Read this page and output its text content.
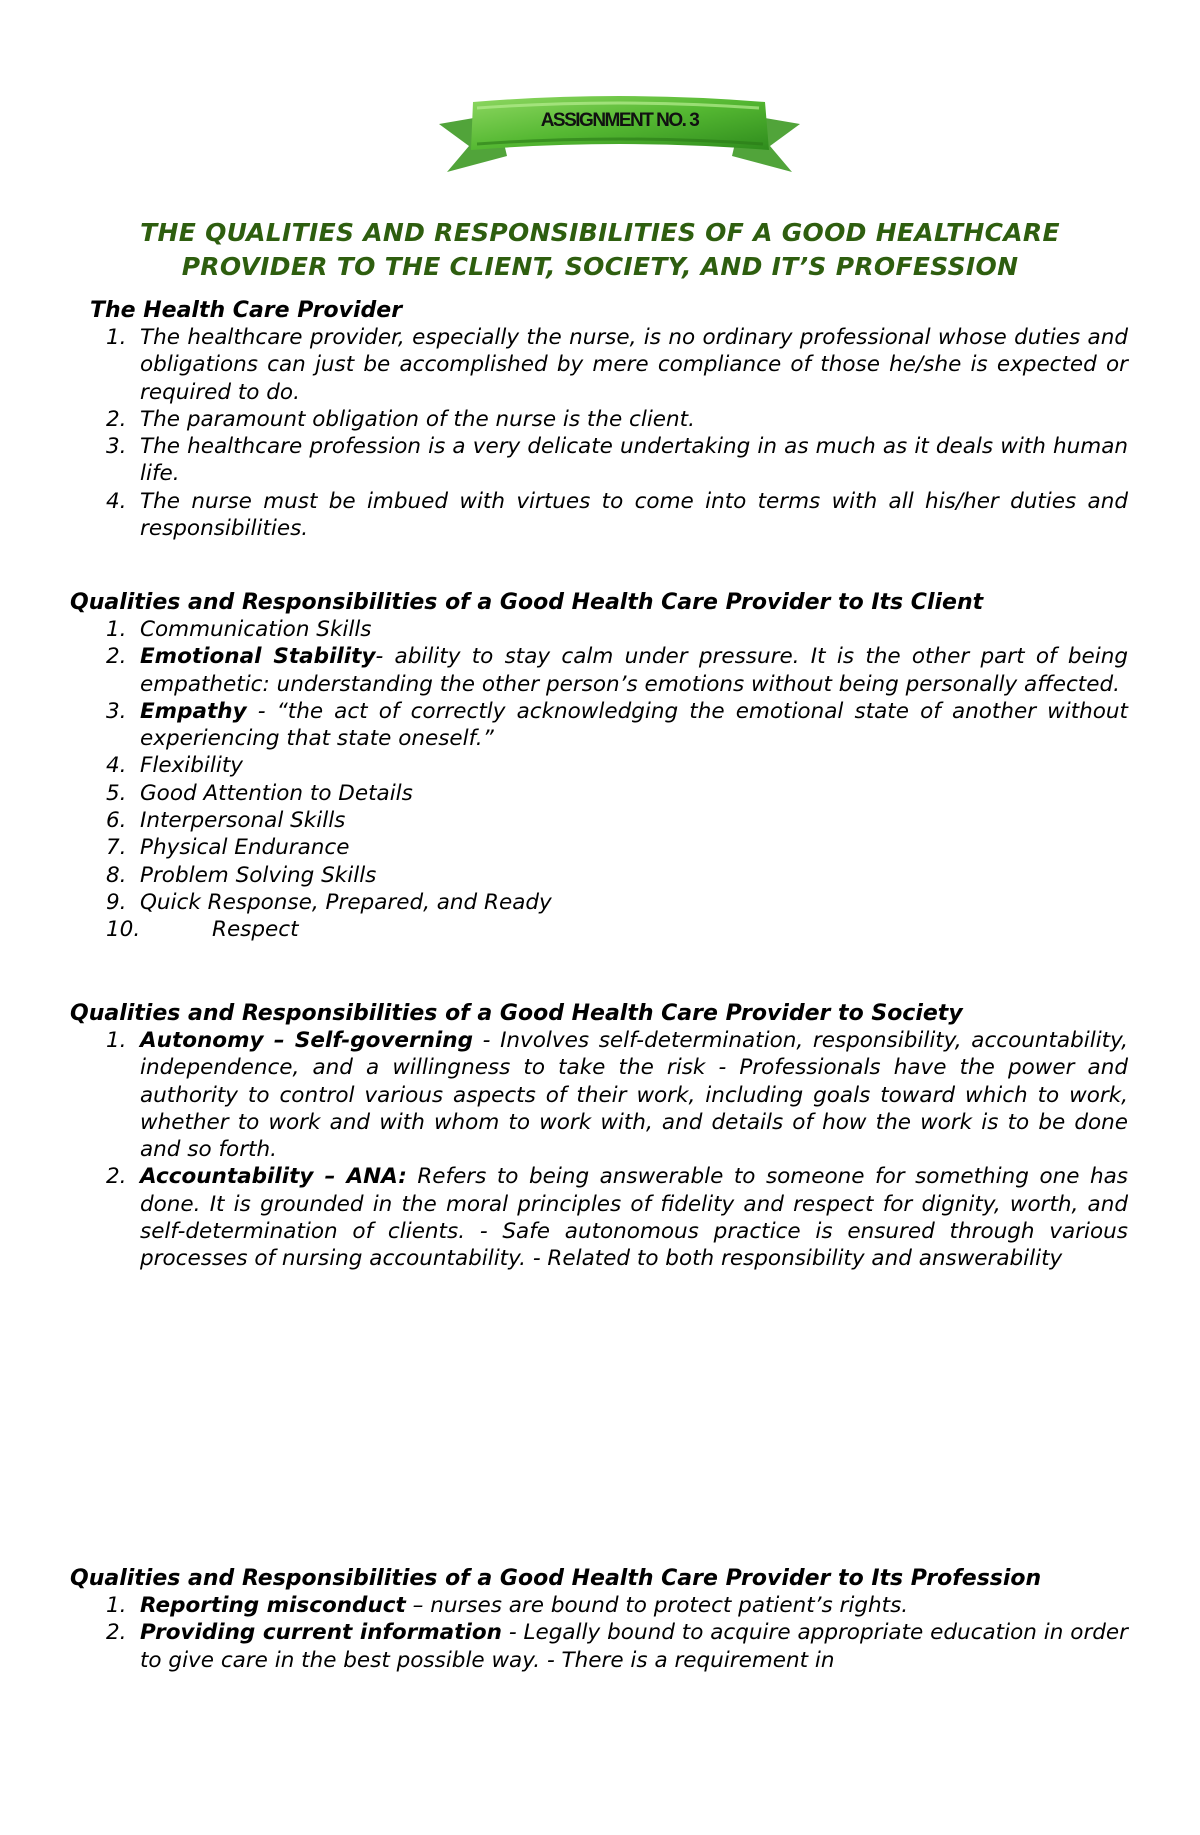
ASSIGNMENT NO. 3
THE QUALITIES AND RESPONSIBILITIES OF A GOOD HEALTHCARE
PROVIDER TO THE CLIENT, SOCIETY, AND IT’S PROFESSION
The Health Care Provider
1. The healthcare provider, especially the nurse, is no ordinary professional whose duties and obligations can just be accomplished by mere compliance of those he/she is expected or required to do.
2. The paramount obligation of the nurse is the client.
3. The healthcare profession is a very delicate undertaking in as much as it deals with human life.
4. The nurse must be imbued with virtues to come into terms with all his/her duties and responsibilities.
Qualities and Responsibilities of a Good Health Care Provider to Its Client
1. Communication Skills
2. Emotional Stability- ability to stay calm under pressure. It is the other part of being empathetic: understanding the other person’s emotions without being personally affected.
3. Empathy - “the act of correctly acknowledging the emotional state of another without experiencing that state oneself.”
4. Flexibility
5. Good Attention to Details
6. Interpersonal Skills
7. Physical Endurance
8. Problem Solving Skills
9. Quick Response, Prepared, and Ready
10.	Respect
Qualities and Responsibilities of a Good Health Care Provider to Society
1. Autonomy – Self-governing - Involves self-determination, responsibility, accountability, independence, and a willingness to take the risk - Professionals have the power and authority to control various aspects of their work, including goals toward which to work, whether to work and with whom to work with, and details of how the work is to be done and so forth.
2. Accountability – ANA: Refers to being answerable to someone for something one has done. It is grounded in the moral principles of fidelity and respect for dignity, worth, and self-determination of clients. - Safe autonomous practice is ensured through various processes of nursing accountability. - Related to both responsibility and answerability
Qualities and Responsibilities of a Good Health Care Provider to Its Profession
1. Reporting misconduct – nurses are bound to protect patient’s rights.
2. Providing current information - Legally bound to acquire appropriate education in order to give care in the best possible way. - There is a requirement in
